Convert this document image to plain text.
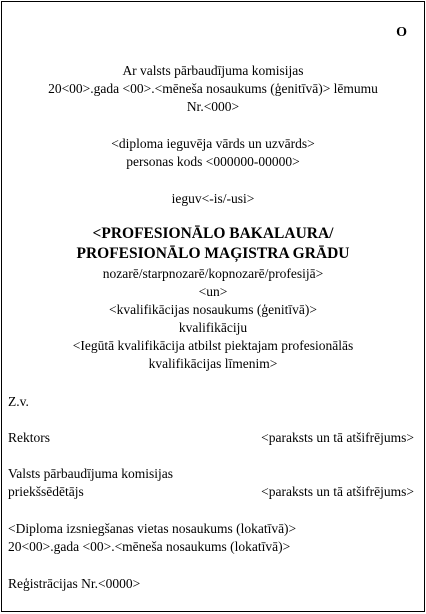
O
Ar valsts pārbaudījuma komisijas
20<00>.gada <00>.<mēneša nosaukums (ģenitīvā)> lēmumu
Nr.<000>
<diploma ieguvēja vārds un uzvārds>
personas kods <000000-00000>
ieguv<-is/-usi>
<PROFESIONĀLO BAKALAURA/
PROFESIONĀLO MAĢISTRA GRĀDU
nozarē/starpnozarē/kopnozarē/profesijā>
<un>
<kvalifikācijas nosaukums (ģenitīvā)>
kvalifikāciju
<Iegūtā kvalifikācija atbilst piektajam profesionālās
kvalifikācijas līmenim>
Z.v.
Rektors	<paraksts un tā atšifrējums>
Valsts pārbaudījuma komisijas
priekšsēdētājs	<paraksts un tā atšifrējums>
<Diploma izsniegšanas vietas nosaukums (lokatīvā)>
20<00>.gada <00>.<mēneša nosaukums (lokatīvā)>
Reģistrācijas Nr.<0000>
